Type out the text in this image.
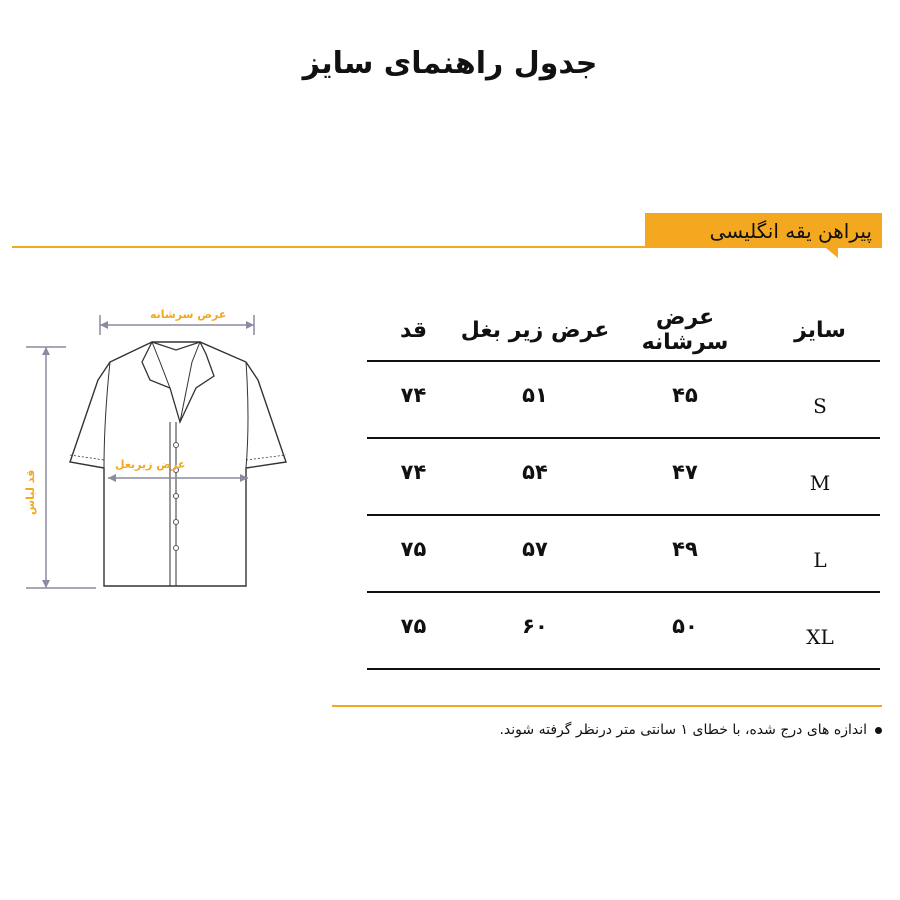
جدول راهنمای سایز
پیراهن یقه انگلیسی
عرض سرشانه
عرض زیربغل
قد لباس
سایز	عرض سرشانه	عرض زیر بغل	قد
S	۴۵	۵۱	۷۴
M	۴۷	۵۴	۷۴
L	۴۹	۵۷	۷۵
XL	۵۰	۶۰	۷۵
اندازه های درج شده، با خطای ۱ سانتی متر درنظر گرفته شوند.
